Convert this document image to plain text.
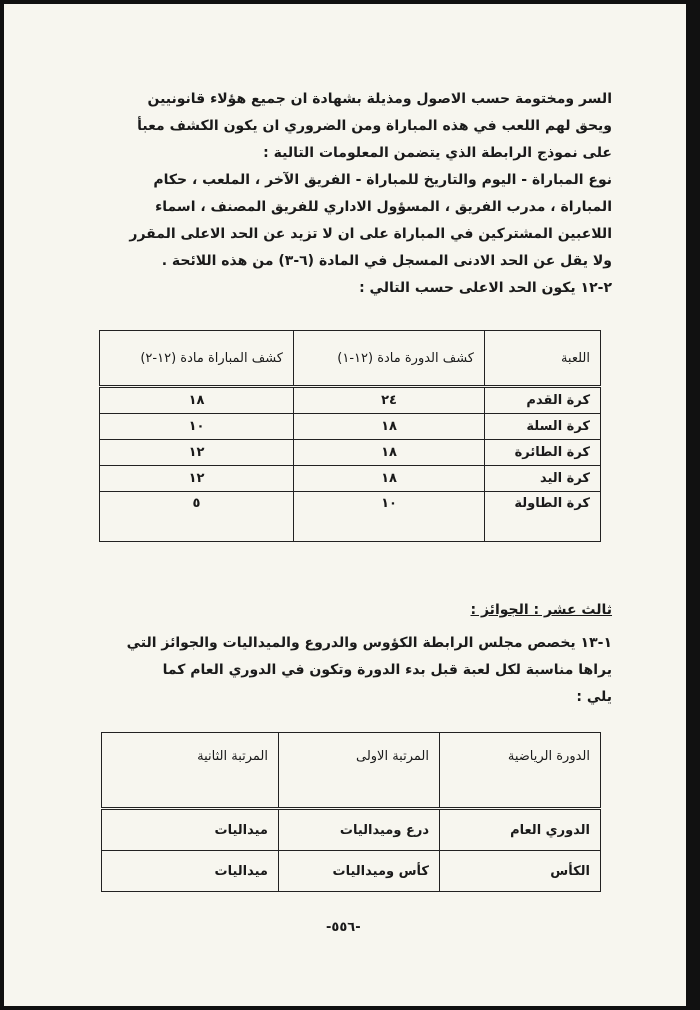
السر ومختومة حسب الاصول ومذيلة بشهادة ان جميع هؤلاء قانونيين
ويحق لهم اللعب في هذه المباراة ومن الضروري ان يكون الكشف معبأ
على نموذج الرابطة الذي يتضمن المعلومات التالية :
نوع المباراة - اليوم والتاريخ للمباراة - الفريق الآخر ، الملعب ، حكام
المباراة ، مدرب الفريق ، المسؤول الاداري للفريق المصنف ، اسماء
اللاعبين المشتركين في المباراة على ان لا تزيد عن الحد الاعلى المقرر
ولا يقل عن الحد الادنى المسجل في المادة (٦-٣) من هذه اللائحة .
٢-١٢ يكون الحد الاعلى حسب التالي :
اللعبة	كشف الدورة مادة (١٢-١)	كشف المباراة مادة (١٢-٢)
كرة القدم	٢٤	١٨
كرة السلة	١٨	١٠
كرة الطائرة	١٨	١٢
كرة اليد	١٨	١٢
كرة الطاولة	١٠	٥
ثالث عشر : الجوائز :
١-١٣ يخصص مجلس الرابطة الكؤوس والدروع والميداليات والجوائز التي
يراها مناسبة لكل لعبة قبل بدء الدورة وتكون في الدوري العام كما
يلي :
الدورة الرياضية	المرتبة الاولى	المرتبة الثانية
الدوري العام	درع وميداليات	ميداليات
الكأس	كأس وميداليات	ميداليات
-٥٥٦-
